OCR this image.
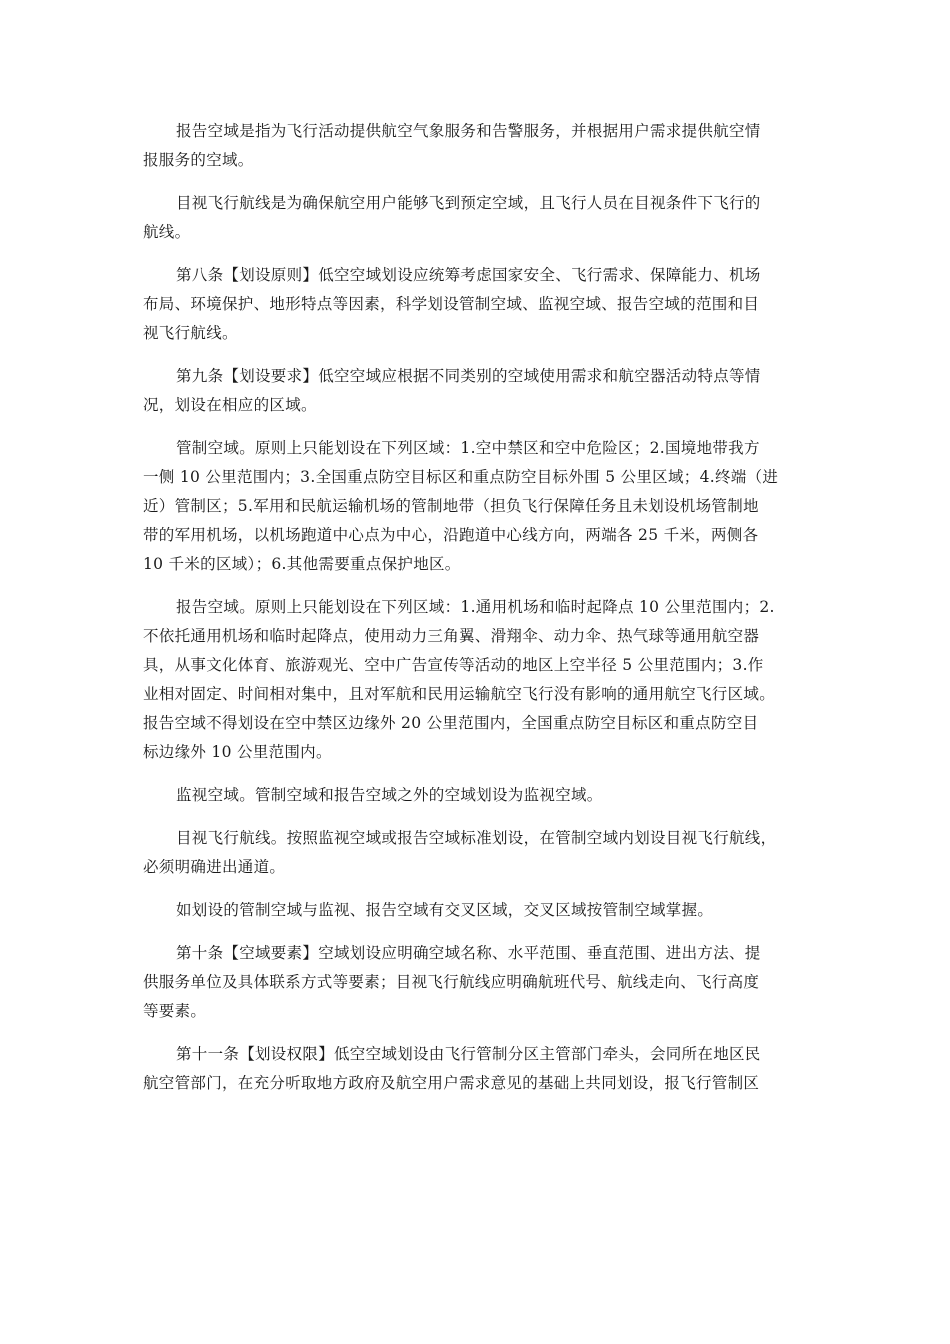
报告空域是指为飞行活动提供航空气象服务和告警服务，并根据用户需求提供航空情
报服务的空域。
目视飞行航线是为确保航空用户能够飞到预定空域，且飞行人员在目视条件下飞行的
航线。
第八条【划设原则】低空空域划设应统筹考虑国家安全、飞行需求、保障能力、机场
布局、环境保护、地形特点等因素，科学划设管制空域、监视空域、报告空域的范围和目
视飞行航线。
第九条【划设要求】低空空域应根据不同类别的空域使用需求和航空器活动特点等情
况，划设在相应的区域。
管制空域。原则上只能划设在下列区域：1.空中禁区和空中危险区；2.国境地带我方
一侧 10 公里范围内；3.全国重点防空目标区和重点防空目标外围 5 公里区域；4.终端（进
近）管制区；5.军用和民航运输机场的管制地带（担负飞行保障任务且未划设机场管制地
带的军用机场，以机场跑道中心点为中心，沿跑道中心线方向，两端各 25 千米，两侧各
10 千米的区域）；6.其他需要重点保护地区。
报告空域。原则上只能划设在下列区域：1.通用机场和临时起降点 10 公里范围内；2.
不依托通用机场和临时起降点，使用动力三角翼、滑翔伞、动力伞、热气球等通用航空器
具，从事文化体育、旅游观光、空中广告宣传等活动的地区上空半径 5 公里范围内；3.作
业相对固定、时间相对集中，且对军航和民用运输航空飞行没有影响的通用航空飞行区域。
报告空域不得划设在空中禁区边缘外 20 公里范围内，全国重点防空目标区和重点防空目
标边缘外 10 公里范围内。
监视空域。管制空域和报告空域之外的空域划设为监视空域。
目视飞行航线。按照监视空域或报告空域标准划设，在管制空域内划设目视飞行航线，
必须明确进出通道。
如划设的管制空域与监视、报告空域有交叉区域，交叉区域按管制空域掌握。
第十条【空域要素】空域划设应明确空域名称、水平范围、垂直范围、进出方法、提
供服务单位及具体联系方式等要素；目视飞行航线应明确航班代号、航线走向、飞行高度
等要素。
第十一条【划设权限】低空空域划设由飞行管制分区主管部门牵头，会同所在地区民
航空管部门，在充分听取地方政府及航空用户需求意见的基础上共同划设，报飞行管制区
